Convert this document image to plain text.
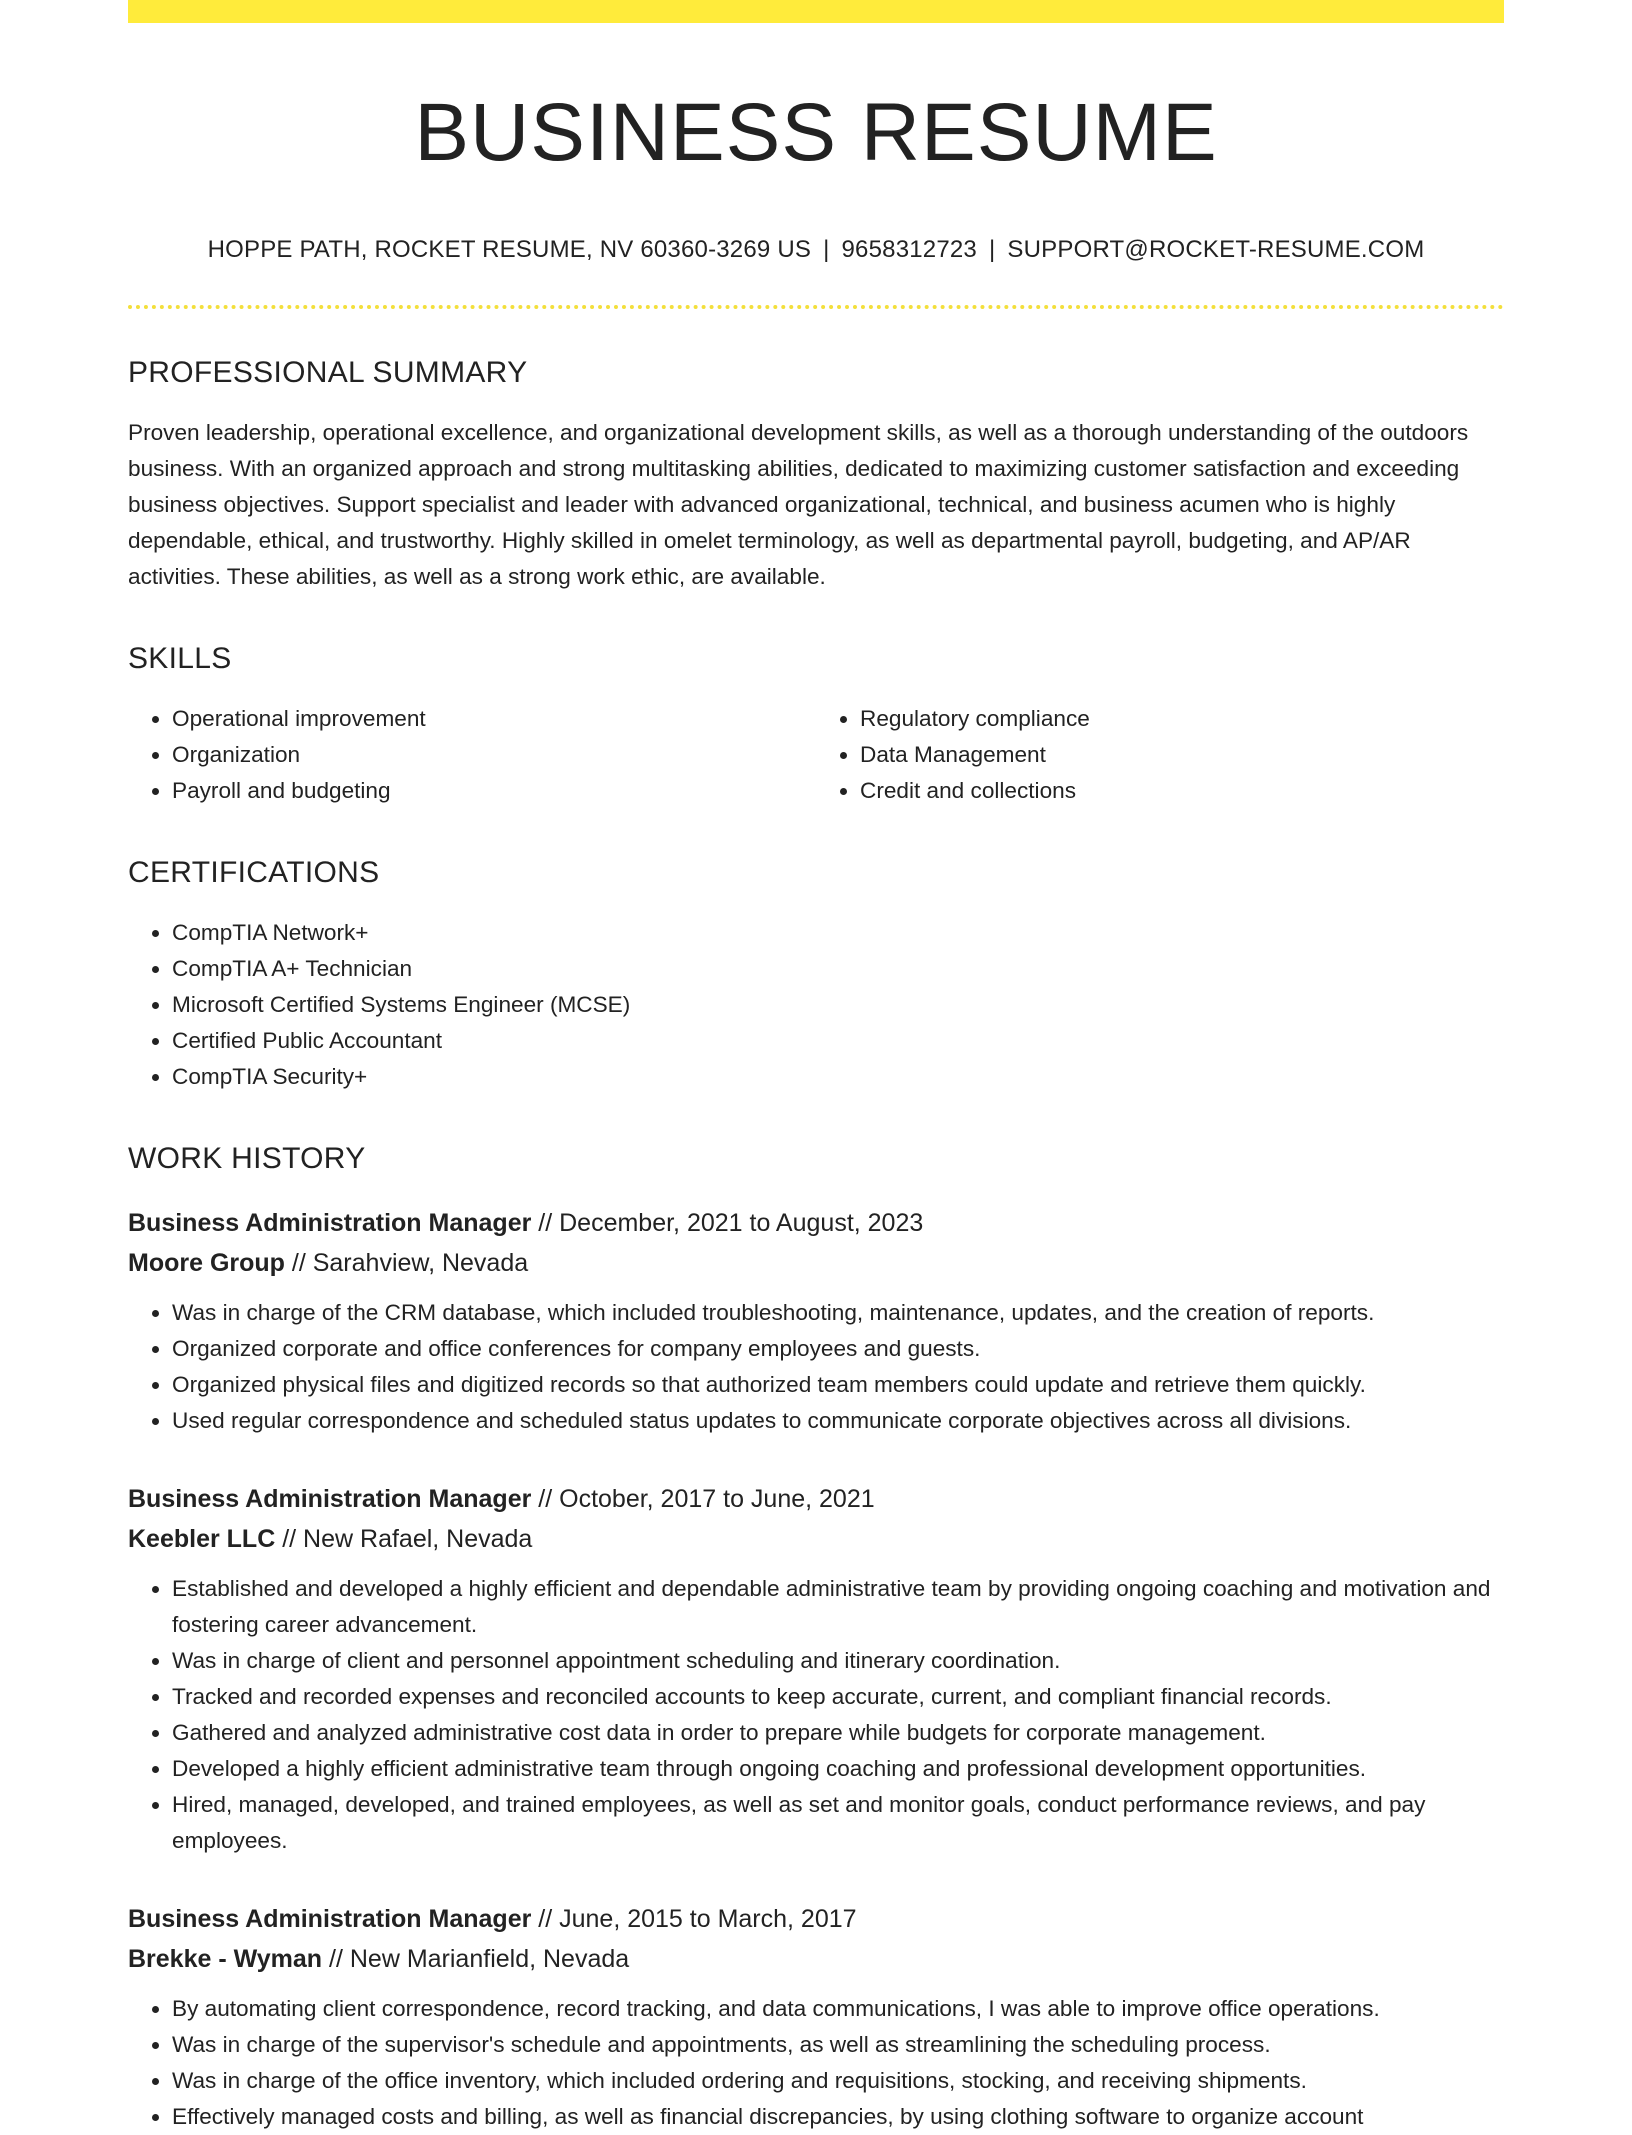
BUSINESS RESUME
HOPPE PATH, ROCKET RESUME, NV 60360-3269 US | 9658312723 | SUPPORT@ROCKET-RESUME.COM
PROFESSIONAL SUMMARY

Proven leadership, operational excellence, and organizational development skills, as well as a thorough understanding of the outdoors business. With an organized approach and strong multitasking abilities, dedicated to maximizing customer satisfaction and exceeding business objectives. Support specialist and leader with advanced organizational, technical, and business acumen who is highly dependable, ethical, and trustworthy. Highly skilled in omelet terminology, as well as departmental payroll, budgeting, and AP/AR activities. These abilities, as well as a strong work ethic, are available.

SKILLS
• Operational improvement
• Organization
• Payroll and budgeting
• Regulatory compliance
• Data Management
• Credit and collections
CERTIFICATIONS
• CompTIA Network+
• CompTIA A+ Technician
• Microsoft Certified Systems Engineer (MCSE)
• Certified Public Accountant
• CompTIA Security+
WORK HISTORY
Business Administration Manager // December, 2021 to August, 2023
Moore Group // Sarahview, Nevada
• Was in charge of the CRM database, which included troubleshooting, maintenance, updates, and the creation of reports.
• Organized corporate and office conferences for company employees and guests.
• Organized physical files and digitized records so that authorized team members could update and retrieve them quickly.
• Used regular correspondence and scheduled status updates to communicate corporate objectives across all divisions.
Business Administration Manager // October, 2017 to June, 2021
Keebler LLC // New Rafael, Nevada
• Established and developed a highly efficient and dependable administrative team by providing ongoing coaching and motivation and fostering career advancement.
• Was in charge of client and personnel appointment scheduling and itinerary coordination.
• Tracked and recorded expenses and reconciled accounts to keep accurate, current, and compliant financial records.
• Gathered and analyzed administrative cost data in order to prepare while budgets for corporate management.
• Developed a highly efficient administrative team through ongoing coaching and professional development opportunities.
• Hired, managed, developed, and trained employees, as well as set and monitor goals, conduct performance reviews, and pay employees.
Business Administration Manager // June, 2015 to March, 2017
Brekke - Wyman // New Marianfield, Nevada
• By automating client correspondence, record tracking, and data communications, I was able to improve office operations.
• Was in charge of the supervisor's schedule and appointments, as well as streamlining the scheduling process.
• Was in charge of the office inventory, which included ordering and requisitions, stocking, and receiving shipments.
• Effectively managed costs and billing, as well as financial discrepancies, by using clothing software to organize account
